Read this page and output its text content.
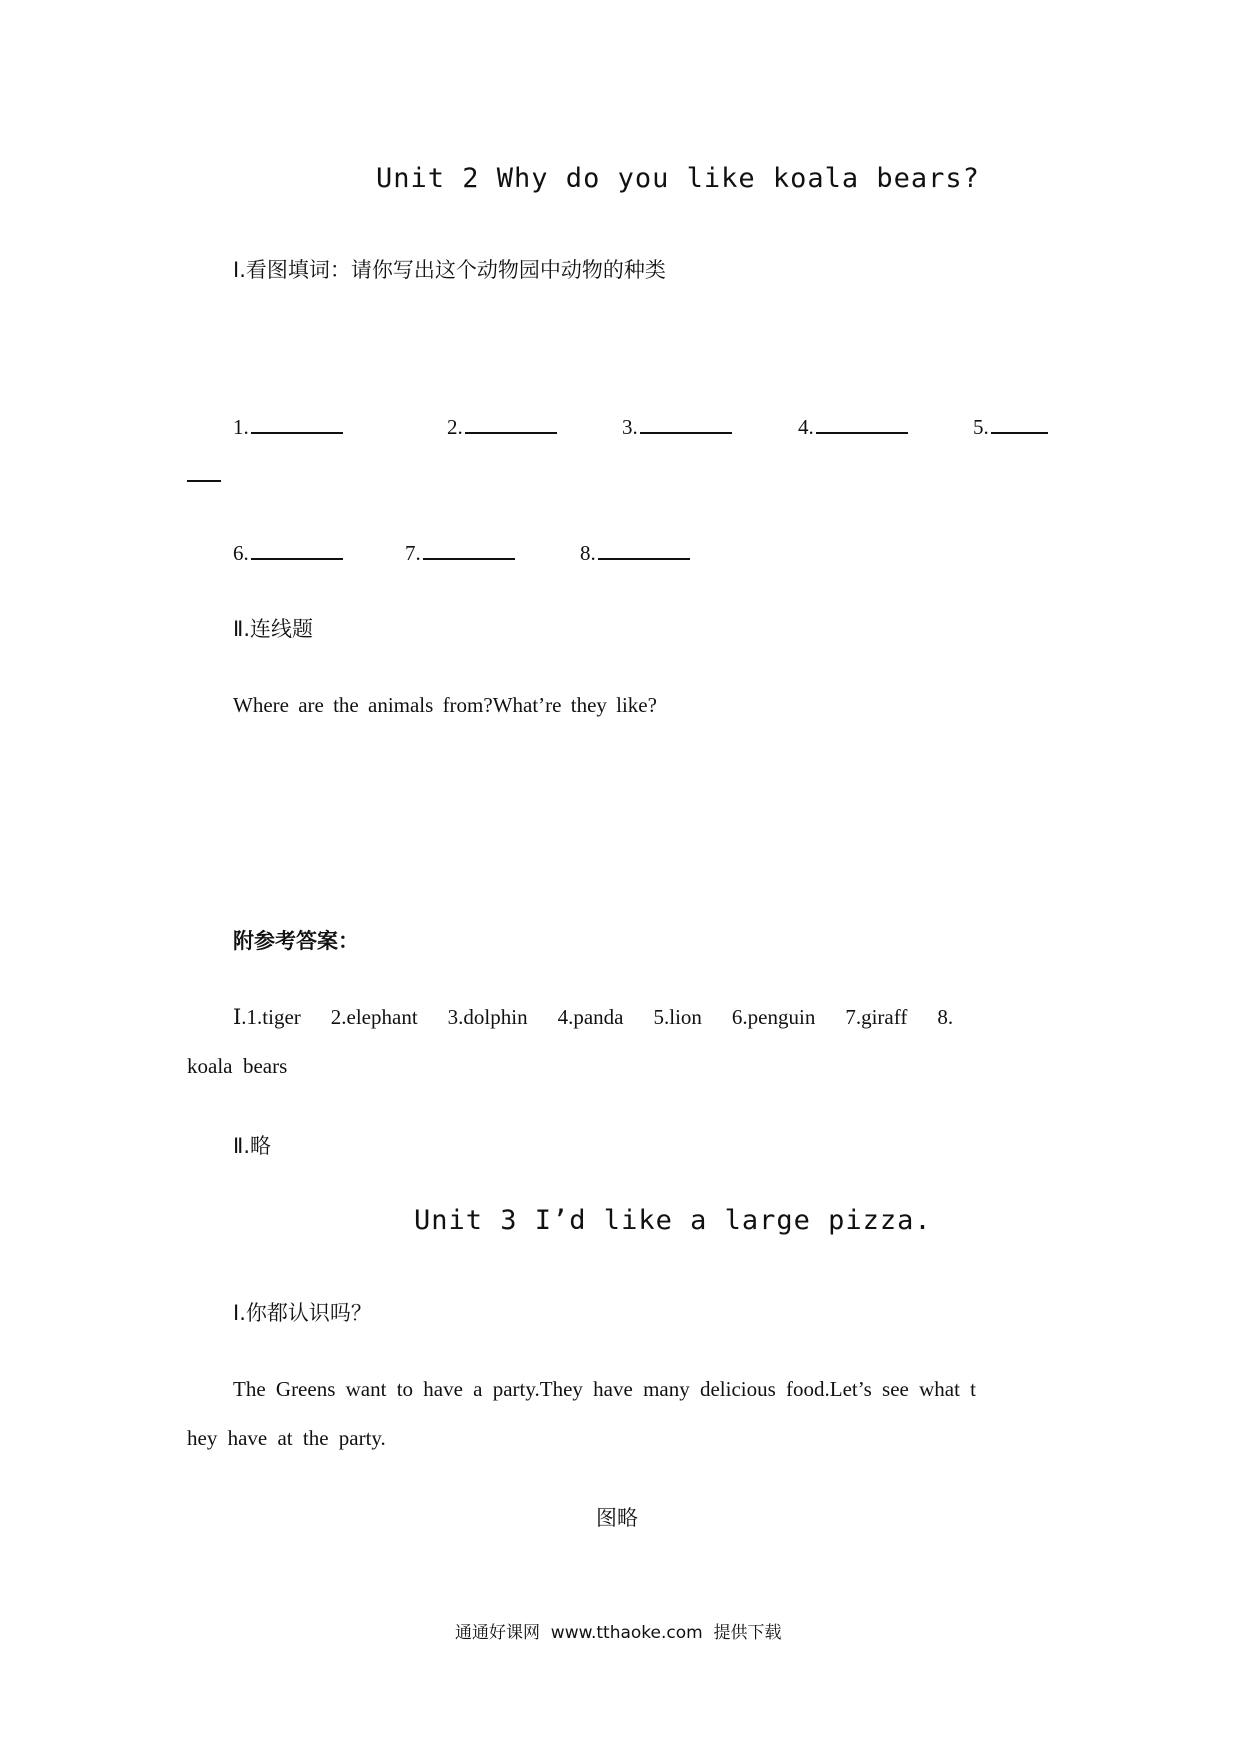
Unit 2 Why do you like koala bears?
Ⅰ.看图填词：请你写出这个动物园中动物的种类
1.	2.	3.	4.	5.
6.	7.	8.
Ⅱ.连线题
Where are the animals from?What’re they like?
附参考答案：
Ⅰ.1.tiger 2.elephant 3.dolphin 4.panda 5.lion 6.penguin 7.giraff 8.
koala  bears
Ⅱ.略
Unit 3 I’d like a large pizza.
Ⅰ.你都认识吗？
The Greens want to have a party.They have many delicious food.Let’s see what t
hey have at the party.
图略
通通好课网  www.tthaoke.com  提供下载
